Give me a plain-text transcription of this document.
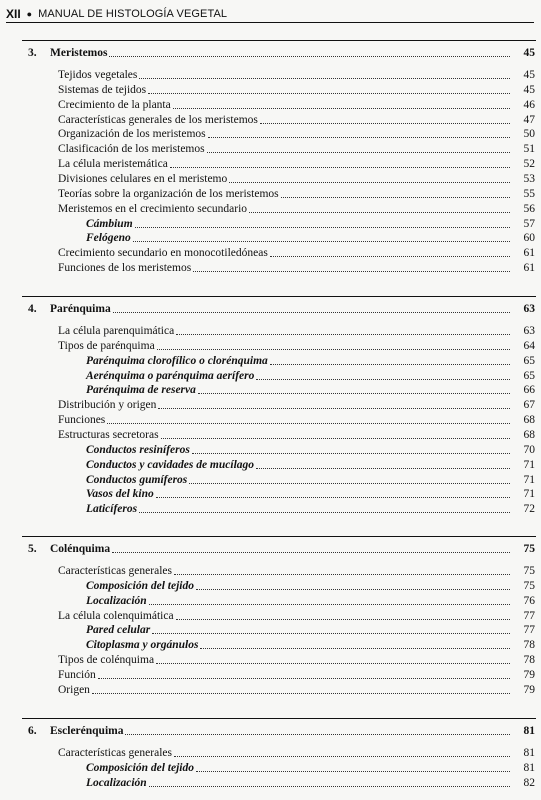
XII ● MANUAL DE HISTOLOGÍA VEGETAL
3. Meristemos	45
Tejidos vegetales	45
Sistemas de tejidos	45
Crecimiento de la planta	46
Características generales de los meristemos	47
Organización de los meristemos	50
Clasificación de los meristemos	51
La célula meristemática	52
Divisiones celulares en el meristemo	53
Teorías sobre la organización de los meristemos	55
Meristemos en el crecimiento secundario	56
Cámbium	57
Felógeno	60
Crecimiento secundario en monocotiledóneas	61
Funciones de los meristemos	61
4. Parénquima	63
La célula parenquimática	63
Tipos de parénquima	64
Parénquima clorofílico o clorénquima	65
Aerénquima o parénquima aerífero	65
Parénquima de reserva	66
Distribución y origen	67
Funciones	68
Estructuras secretoras	68
Conductos resiníferos	70
Conductos y cavidades de mucílago	71
Conductos gumíferos	71
Vasos del kino	71
Laticíferos	72
5. Colénquima	75
Características generales	75
Composición del tejido	75
Localización	76
La célula colenquimática	77
Pared celular	77
Citoplasma y orgánulos	78
Tipos de colénquima	78
Función	79
Origen	79
6. Esclerénquima	81
Características generales	81
Composición del tejido	81
Localización	82
